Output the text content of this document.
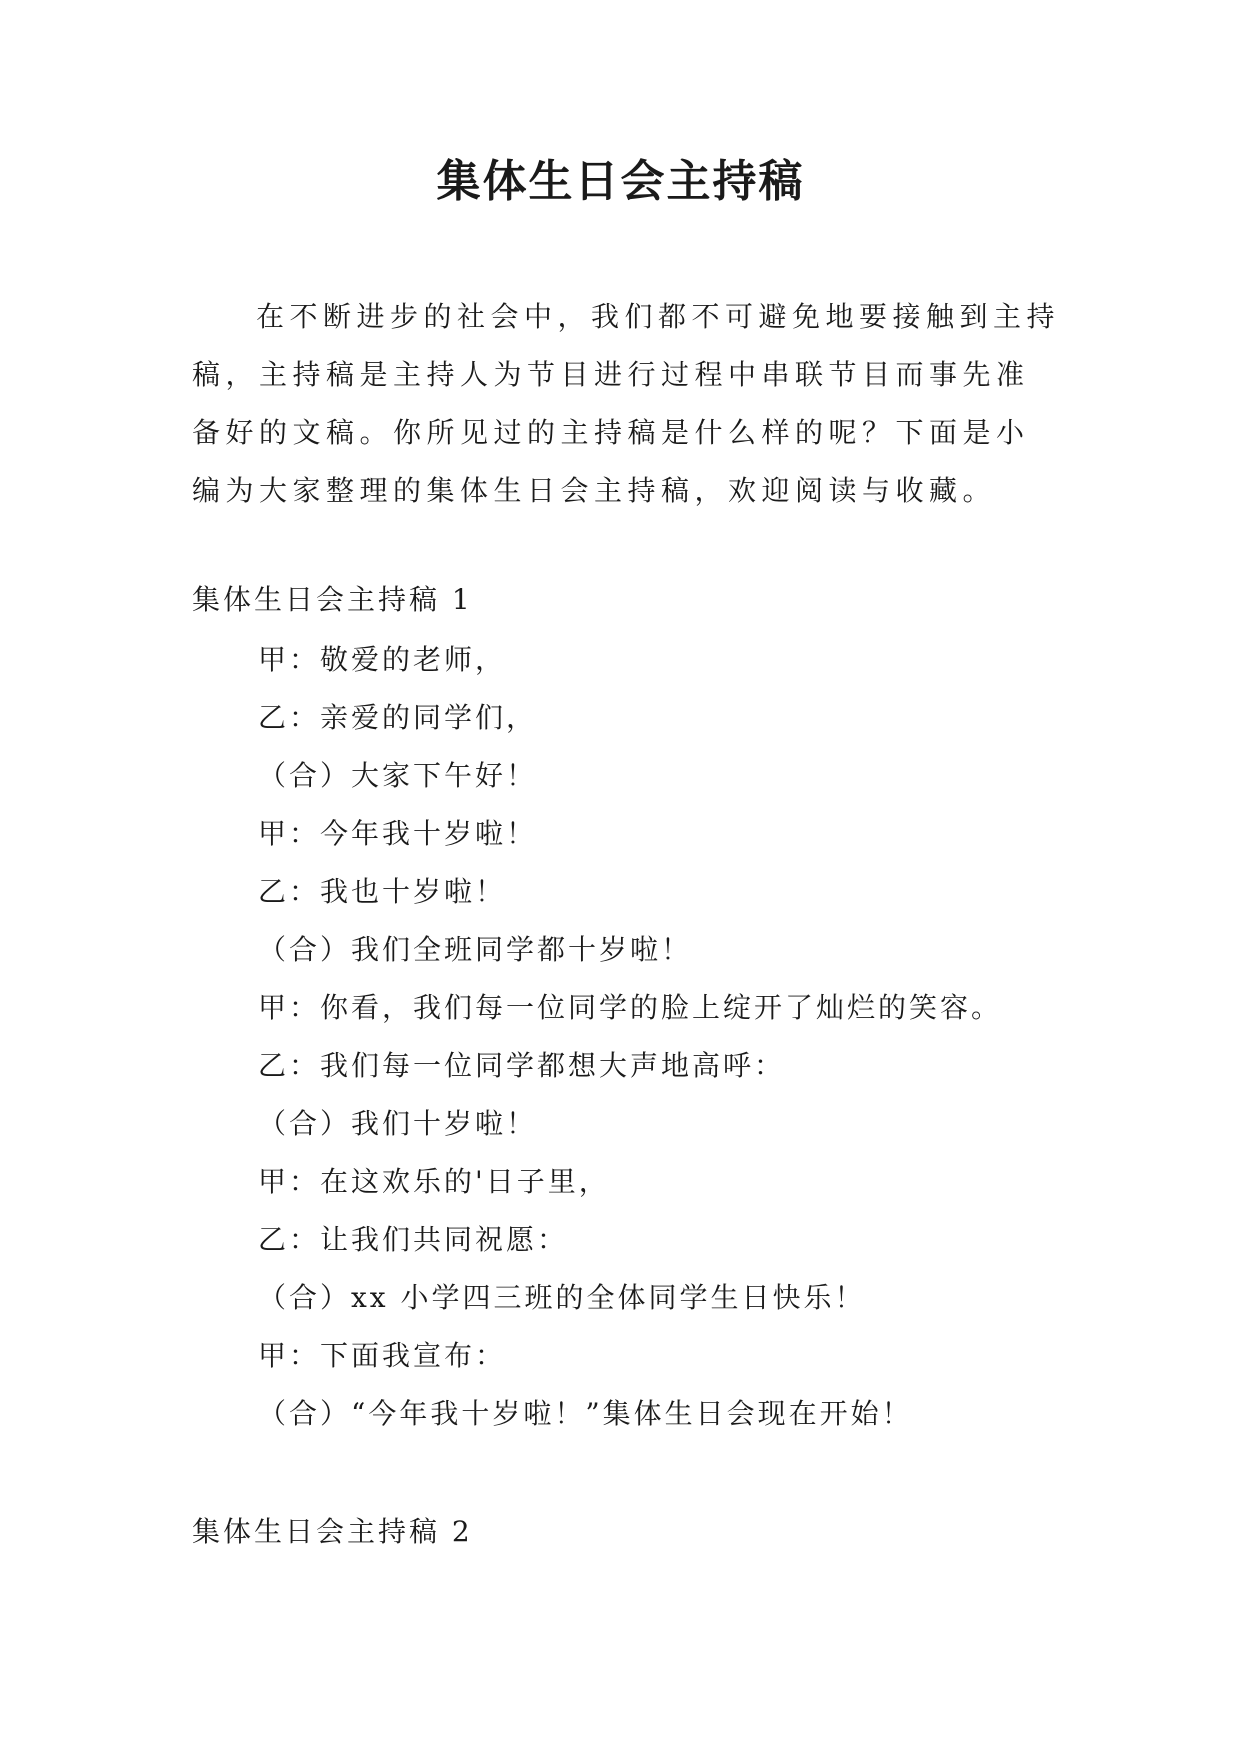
集体生日会主持稿

在不断进步的社会中，我们都不可避免地要接触到主持稿，主持稿是主持人为节目进行过程中串联节目而事先准备好的文稿。你所见过的主持稿是什么样的呢？下面是小编为大家整理的集体生日会主持稿，欢迎阅读与收藏。

集体生日会主持稿 1

甲：敬爱的老师，
乙：亲爱的同学们，
（合）大家下午好！
甲：今年我十岁啦！
乙：我也十岁啦！
（合）我们全班同学都十岁啦！
甲：你看，我们每一位同学的脸上绽开了灿烂的笑容。
乙：我们每一位同学都想大声地高呼：
（合）我们十岁啦！
甲：在这欢乐的'日子里，
乙：让我们共同祝愿：
（合）xx 小学四三班的全体同学生日快乐！
甲：下面我宣布：
（合）“今年我十岁啦！”集体生日会现在开始！

集体生日会主持稿 2
